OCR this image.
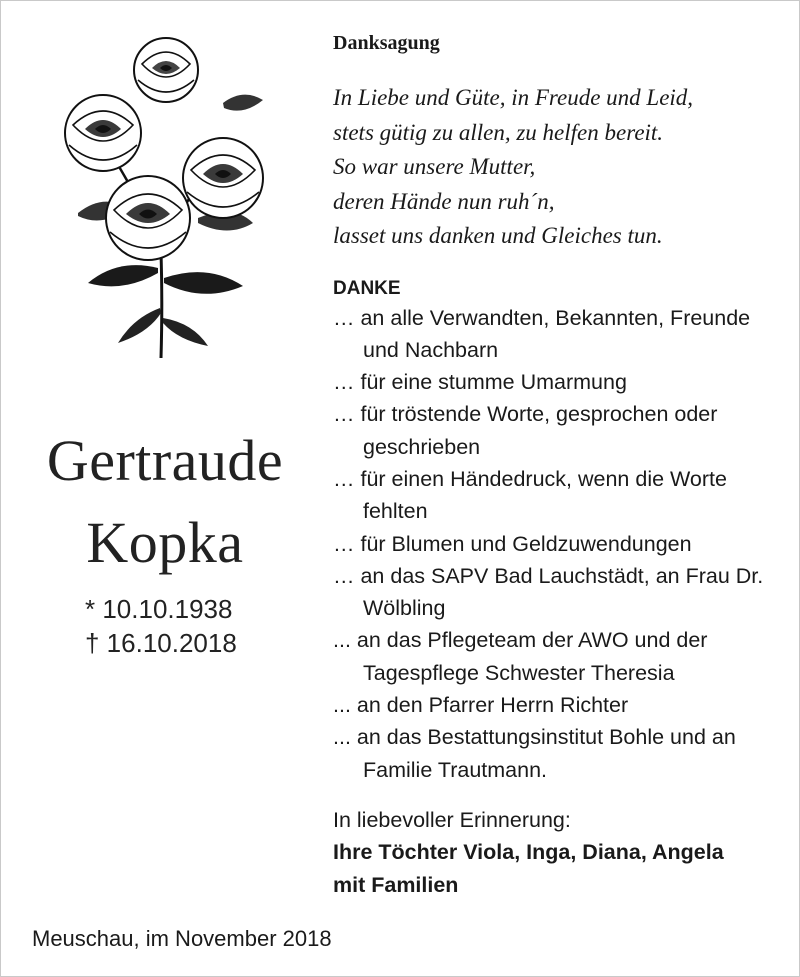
Gertraude
Kopka
* 10.10.1938
† 16.10.2018
Danksagung
In Liebe und Güte, in Freude und Leid,
stets gütig zu allen, zu helfen bereit.
So war unsere Mutter,
deren Hände nun ruh´n,
lasset uns danken und Gleiches tun.
DANKE
… an alle Verwandten, Bekannten, Freunde und Nachbarn
… für eine stumme Umarmung
… für tröstende Worte, gesprochen oder geschrieben
… für einen Händedruck, wenn die Worte fehlten
… für Blumen und Geldzuwendungen
… an das SAPV Bad Lauchstädt, an Frau Dr. Wölbling
... an das Pflegeteam der AWO und der Tagespflege Schwester Theresia
... an den Pfarrer Herrn Richter
... an das Bestattungsinstitut Bohle und an Familie Trautmann.
In liebevoller Erinnerung:
Ihre Töchter Viola, Inga, Diana, Angela
mit Familien
Meuschau, im November 2018
